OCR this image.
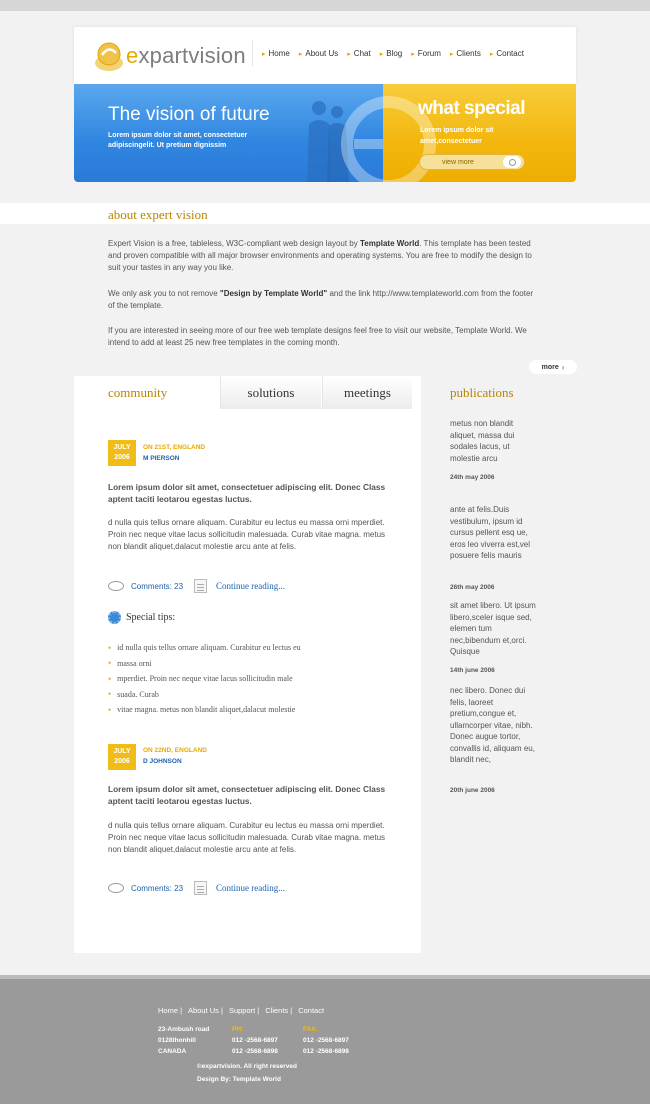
expartvision ▸ Home ▸ About Us ▸ Chat ▸ Blog ▸ Forum ▸ Clients ▸ Contact
The vision of future
Lorem ipsum dolor sit amet, consectetuer adipiscingelit. Ut pretium dignissim
what special
Lorem ipsum dolor sit amet,consectetuer
view more
about expert vision
Expert Vision is a free, tableless, W3C-compliant web design layout by Template World. This template has been tested and proven compatible with all major browser environments and operating systems. You are free to modify the design to suit your tastes in any way you like.
We only ask you to not remove "Design by Template World" and the link http://www.templateworld.com from the footer of the template.
If you are interested in seeing more of our free web template designs feel free to visit our website, Template World. We intend to add at least 25 new free templates in the coming month.
more ›
community	solutions	meetings
JULY
2006
ON 21ST, ENGLAND
M PIERSON
Lorem ipsum dolor sit amet, consectetuer adipiscing elit. Donec Class aptent taciti leotarou egestas luctus.
d nulla quis tellus ornare aliquam. Curabitur eu lectus eu massa orni mperdiet. Proin nec neque vitae lacus sollicitudin malesuada. Curab vitae magna. metus non blandit aliquet,dalacut molestie arcu ante at felis.
Comments: 23	Continue reading...
Special tips:
• id nulla quis tellus ornare aliquam. Curabitur eu lectus eu
• massa orni
• mperdiet. Proin nec neque vitae lacus sollicitudin male
• suada. Curab
• vitae magna. metus non blandit aliquet,dalacut molestie
JULY
2006
ON 22ND, ENGLAND
D JOHNSON
Lorem ipsum dolor sit amet, consectetuer adipiscing elit. Donec Class aptent taciti leotarou egestas luctus.
d nulla quis tellus ornare aliquam. Curabitur eu lectus eu massa orni mperdiet. Proin nec neque vitae lacus sollicitudin malesuada. Curab vitae magna. metus non blandit aliquet,dalacut molestie arcu ante at felis.
Comments: 23	Continue reading...
publications
metus non blandit aliquet, massa dui sodales lacus, ut molestie arcu
24th may 2006
ante at felis.Duis vestibulum, ipsum id cursus pellent esq ue, eros leo viverra est,vel posuere felis mauris
26th may 2006
sit amet libero. Ut ipsum libero,sceler isque sed, elemen tum nec,bibendum et,orci. Quisque
14th june 2006
nec libero. Donec dui felis, laoreet pretium,congue et, ullamcorper vitae, nibh. Donec augue tortor, convallis id, aliquam eu, blandit nec,
20th june 2006
Home | About Us | Support | Clients | Contact
23-Ambush road
0128thonhill
CANADA
PH:
012 -2568-6897
012 -2568-6898
FAX:
012 -2568-6897
012 -2568-6898
©expartvision. All right reserved
Design By: Template World
